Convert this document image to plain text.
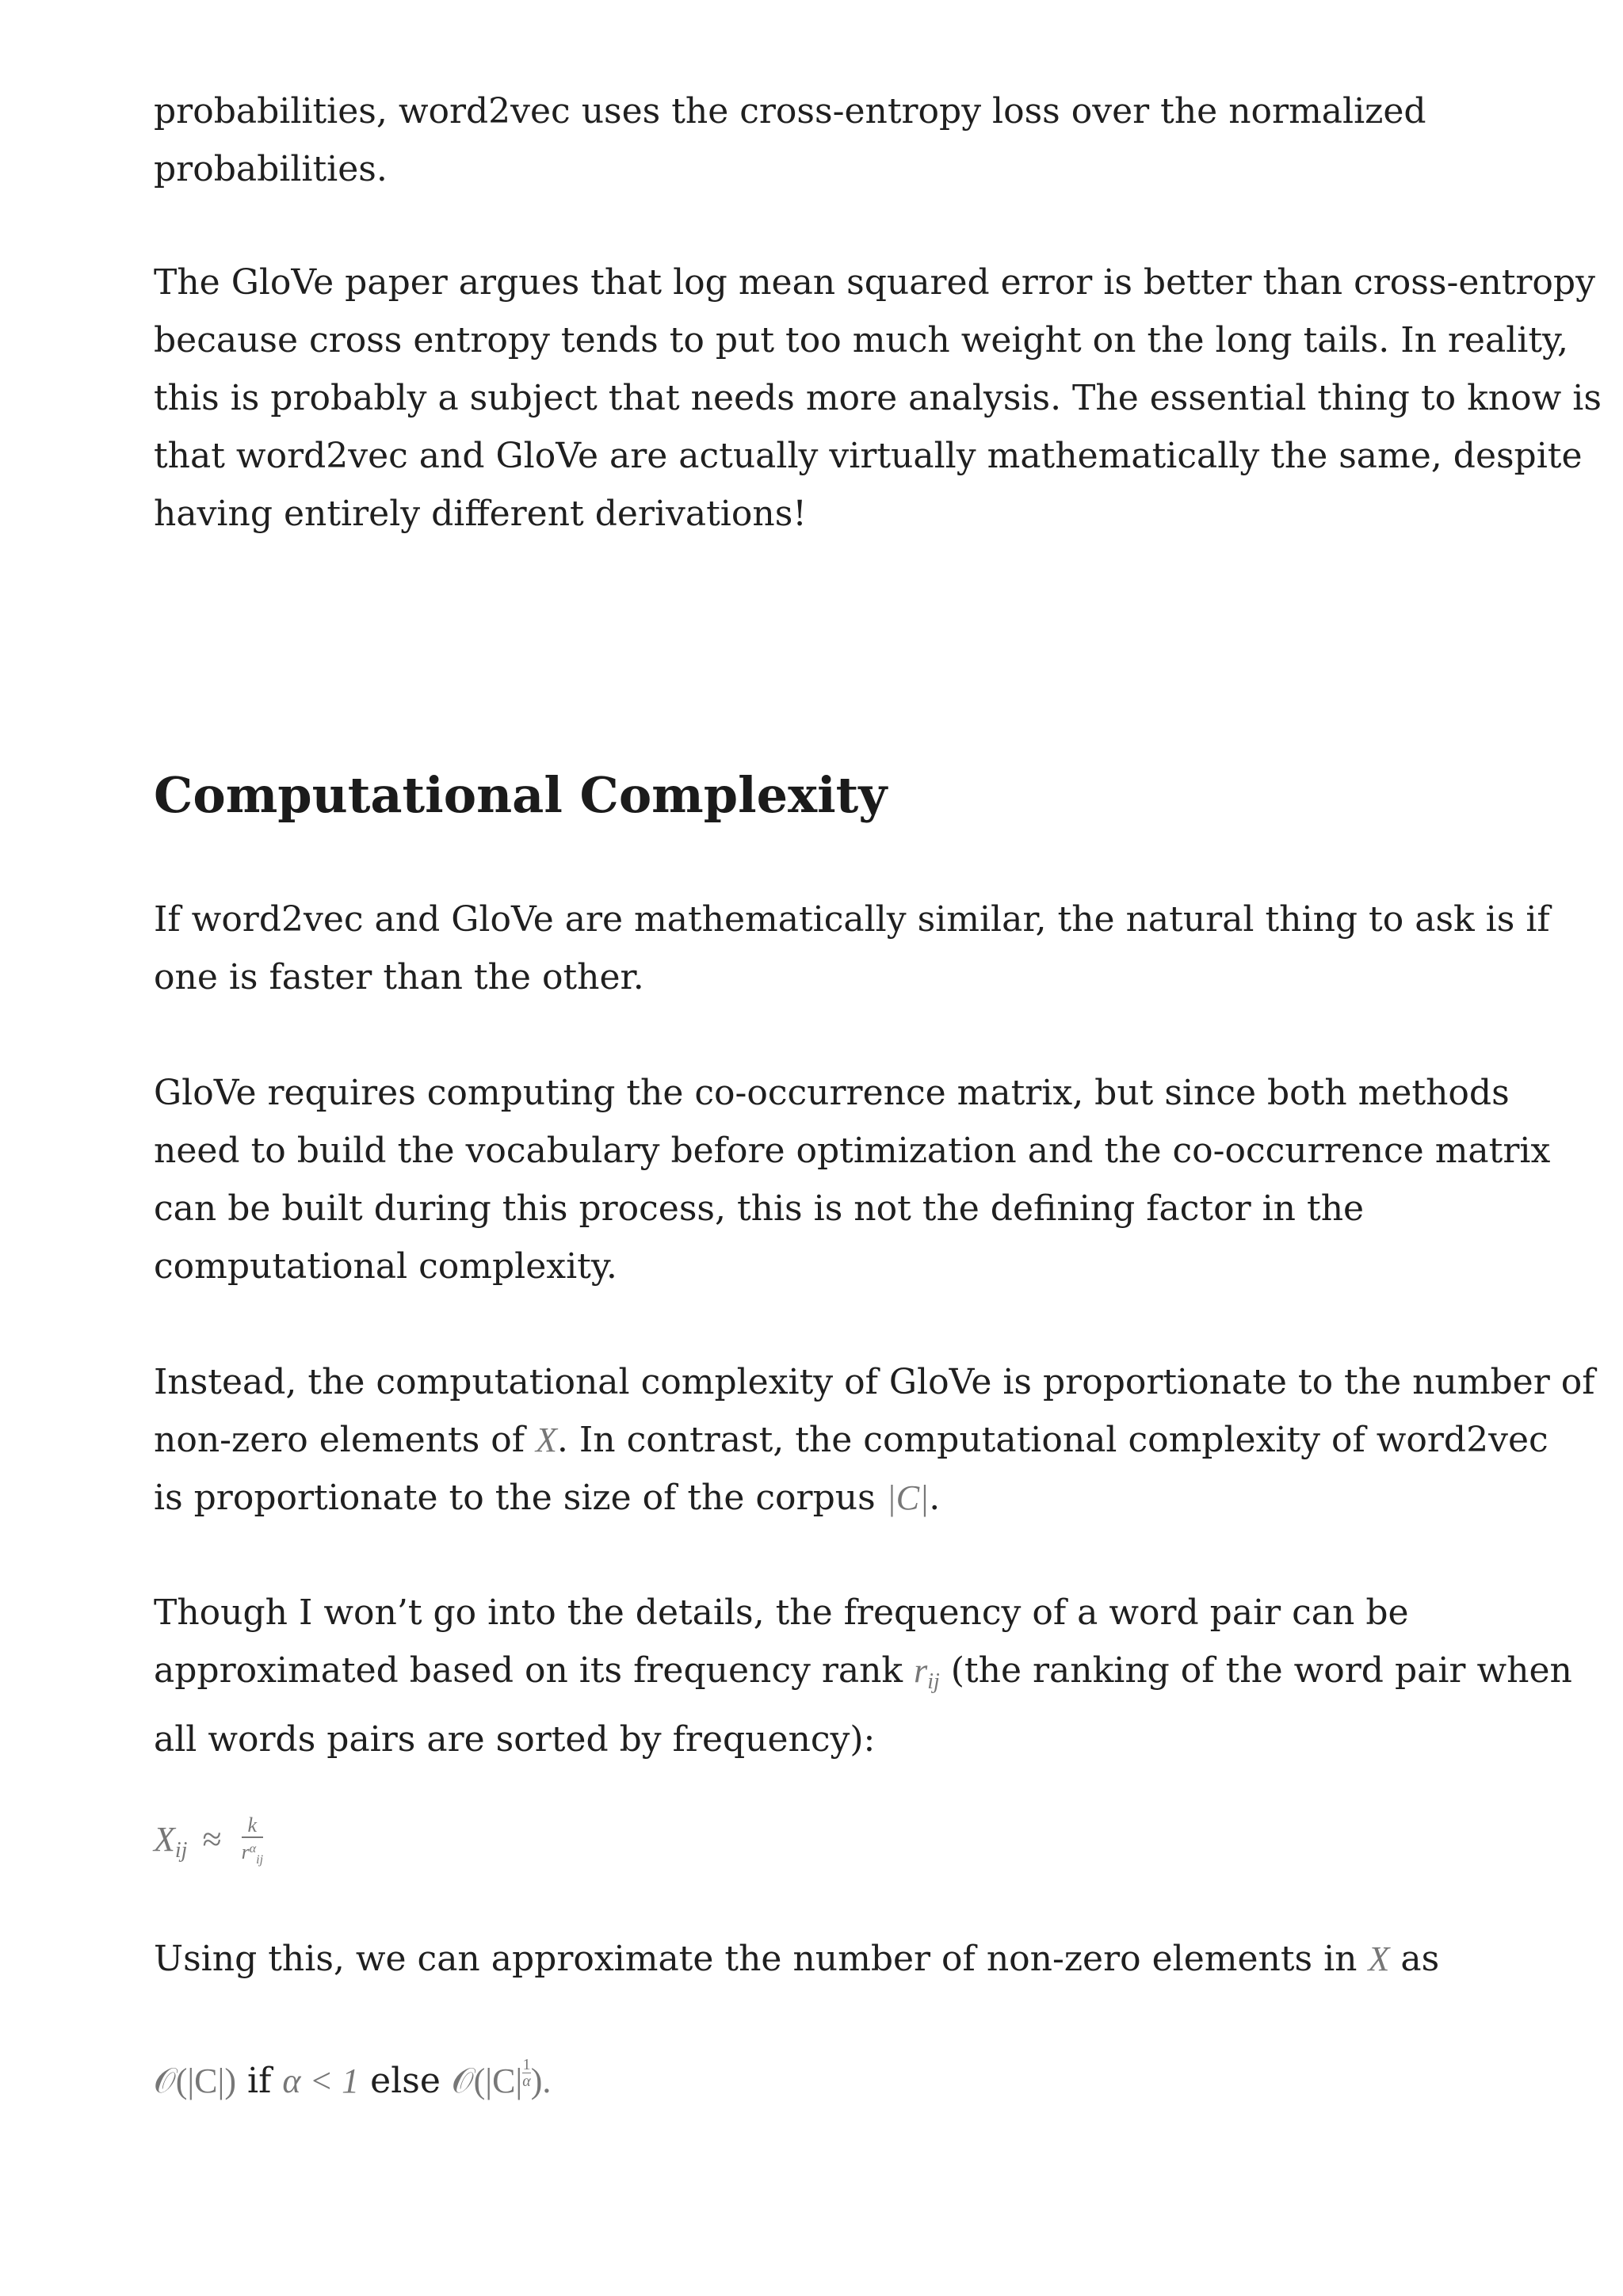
probabilities, word2vec uses the cross-entropy loss over the normalized
probabilities.

The GloVe paper argues that log mean squared error is better than cross-entropy
because cross entropy tends to put too much weight on the long tails. In reality,
this is probably a subject that needs more analysis. The essential thing to know is
that word2vec and GloVe are actually virtually mathematically the same, despite
having entirely different derivations!

Computational Complexity

If word2vec and GloVe are mathematically similar, the natural thing to ask is if
one is faster than the other.

GloVe requires computing the co-occurrence matrix, but since both methods
need to build the vocabulary before optimization and the co-occurrence matrix
can be built during this process, this is not the defining factor in the
computational complexity.

Instead, the computational complexity of GloVe is proportionate to the number of
non-zero elements of X. In contrast, the computational complexity of word2vec
is proportionate to the size of the corpus |C|.

Though I won’t go into the details, the frequency of a word pair can be
approximated based on its frequency rank $r_{ij}$ (the ranking of the word pair when
all words pairs are sorted by frequency):

$X_{ij} \approx \frac{k}{r^\alpha_{ij}}$

Using this, we can approximate the number of non-zero elements in X as

𝒪(|C|) if α < 1 else 𝒪(|C| $\frac{1}{\alpha}$ ).
